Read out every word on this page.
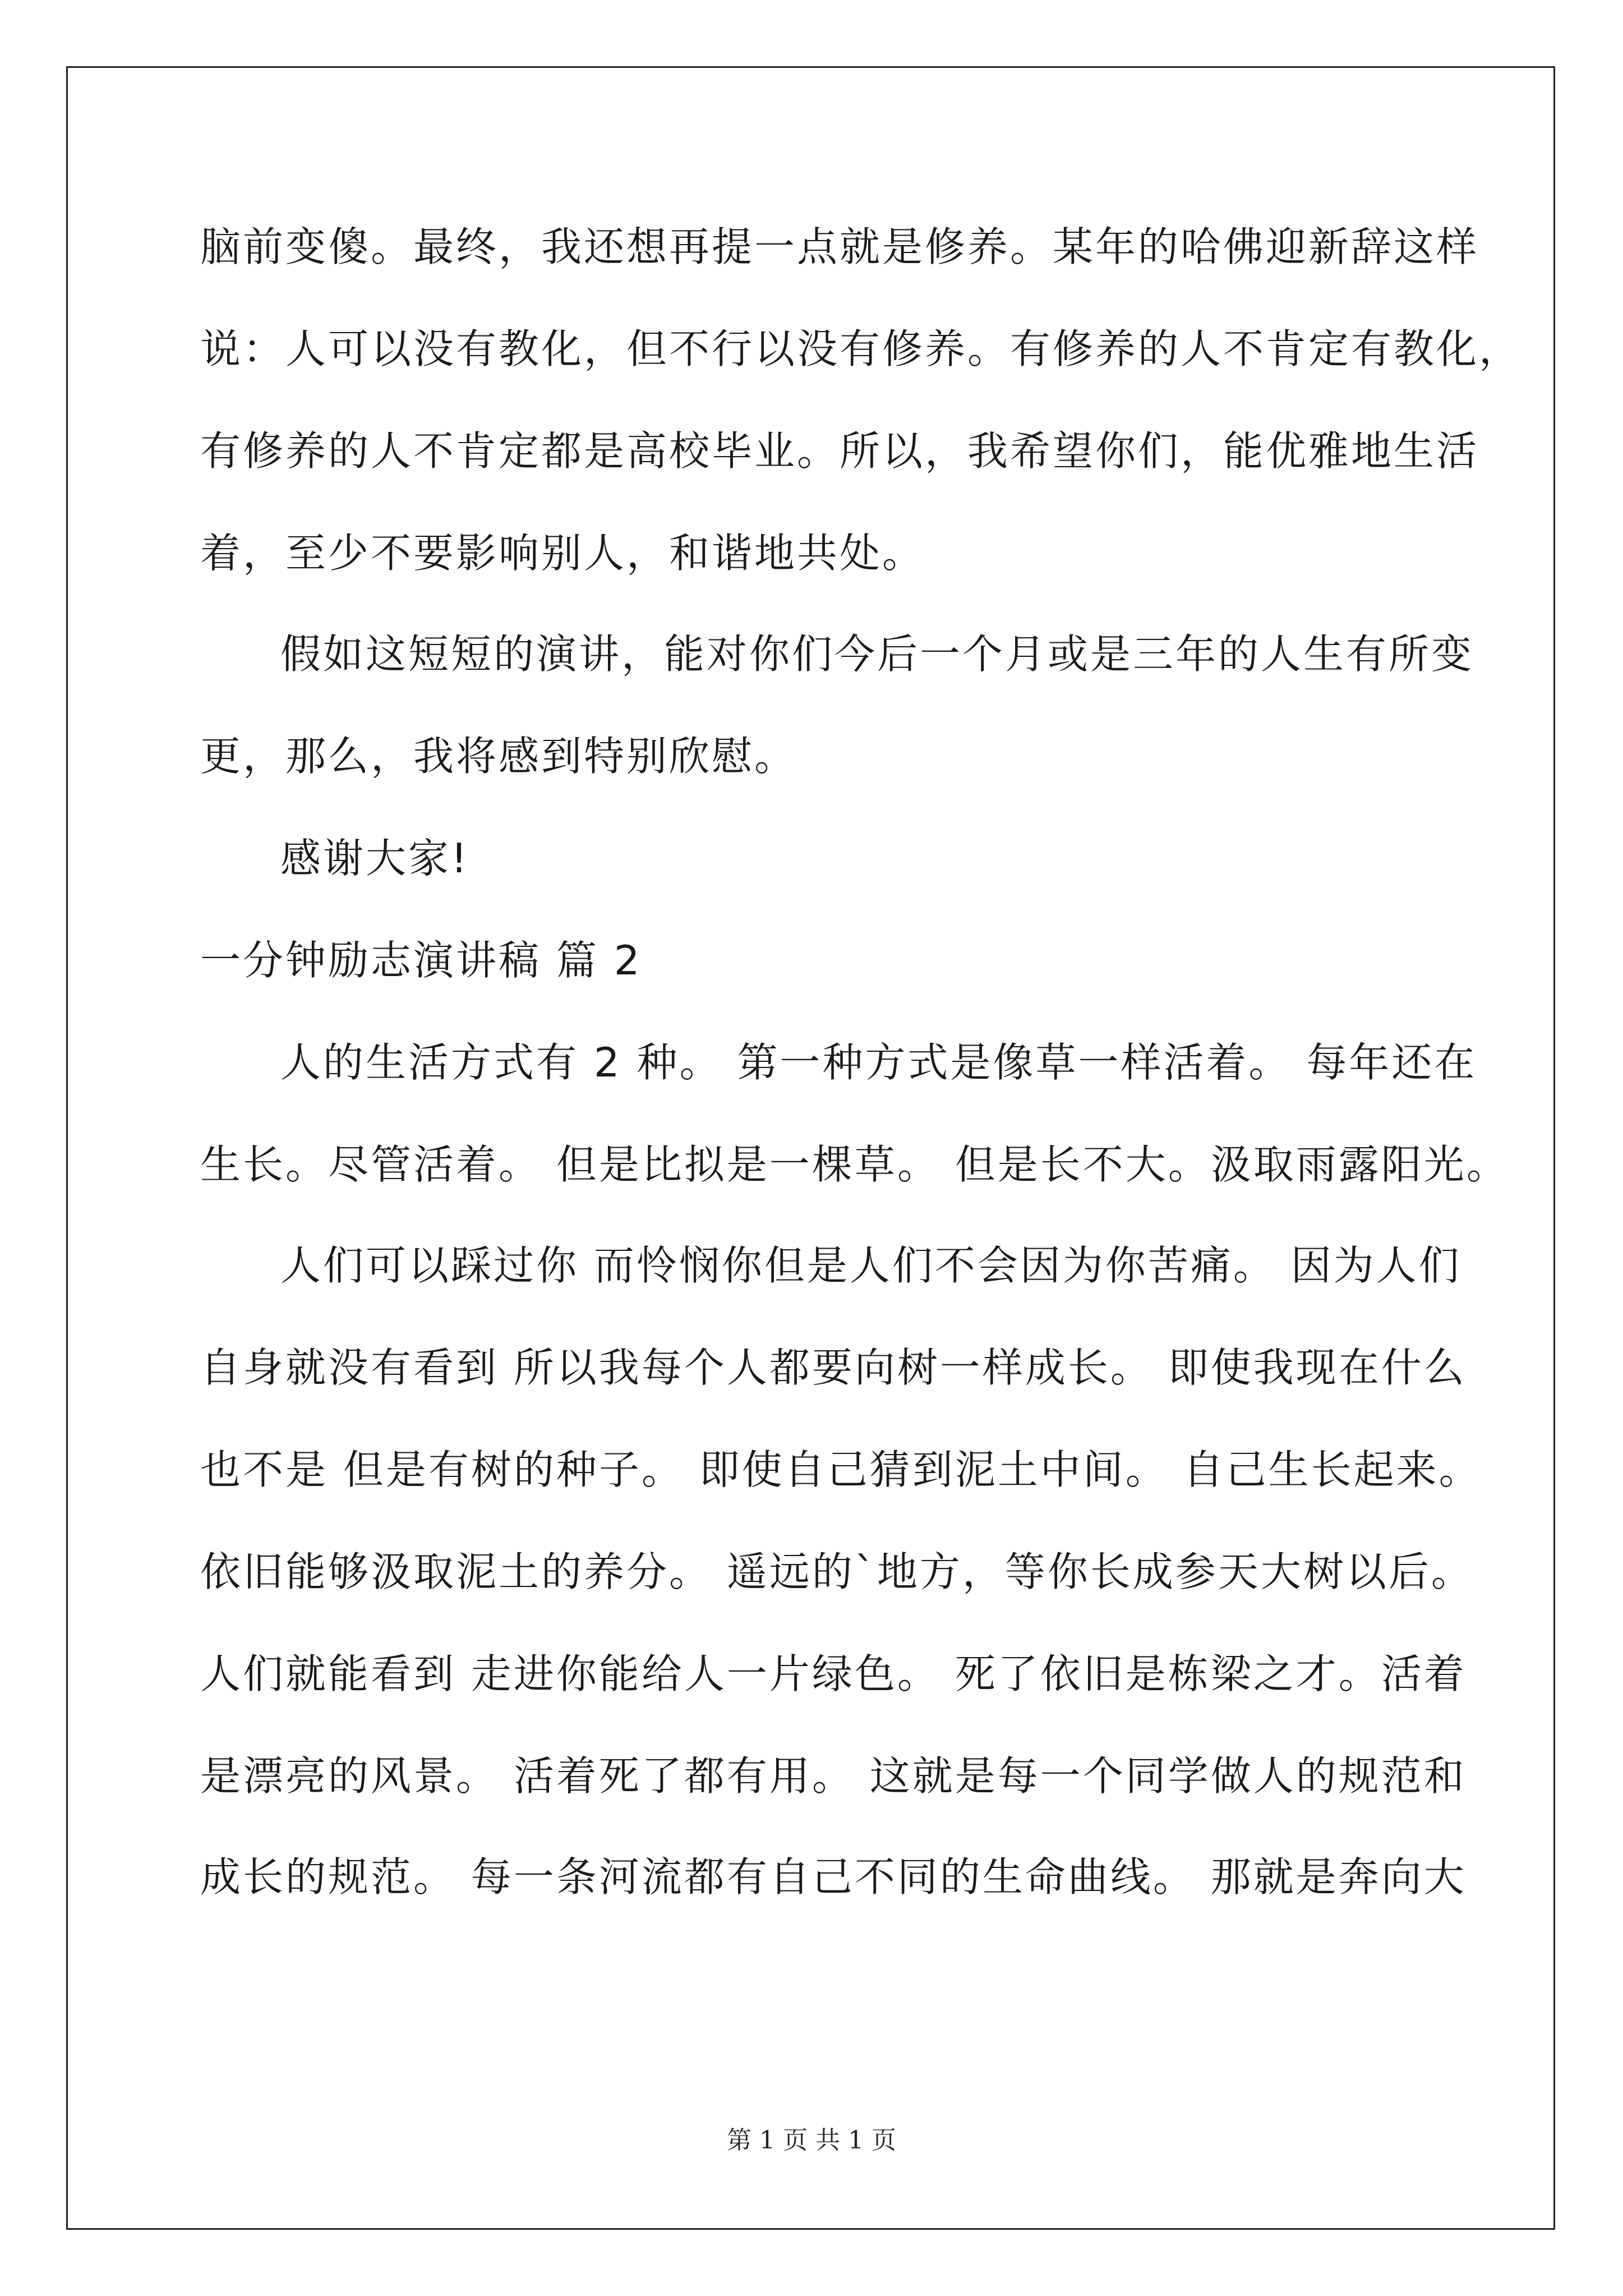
脑前变傻。最终，我还想再提一点就是修养。某年的哈佛迎新辞这样
说：人可以没有教化，但不行以没有修养。有修养的人不肯定有教化，
有修养的人不肯定都是高校毕业。所以，我希望你们，能优雅地生活
着，至少不要影响别人，和谐地共处。
假如这短短的演讲，能对你们今后一个月或是三年的人生有所变
更，那么，我将感到特别欣慰。
感谢大家!
一分钟励志演讲稿 篇 2
人的生活方式有 2 种。 第一种方式是像草一样活着。 每年还在
生长。尽管活着。 但是比拟是一棵草。 但是长不大。汲取雨露阳光。
人们可以踩过你 而怜悯你但是人们不会因为你苦痛。 因为人们
自身就没有看到 所以我每个人都要向树一样成长。 即使我现在什么
也不是 但是有树的种子。 即使自己猜到泥土中间。 自己生长起来。
依旧能够汲取泥土的养分。 遥远的`地方，等你长成参天大树以后。
人们就能看到 走进你能给人一片绿色。 死了依旧是栋梁之才。活着
是漂亮的风景。 活着死了都有用。 这就是每一个同学做人的规范和
成长的规范。 每一条河流都有自己不同的生命曲线。 那就是奔向大
第 1 页 共 1 页
